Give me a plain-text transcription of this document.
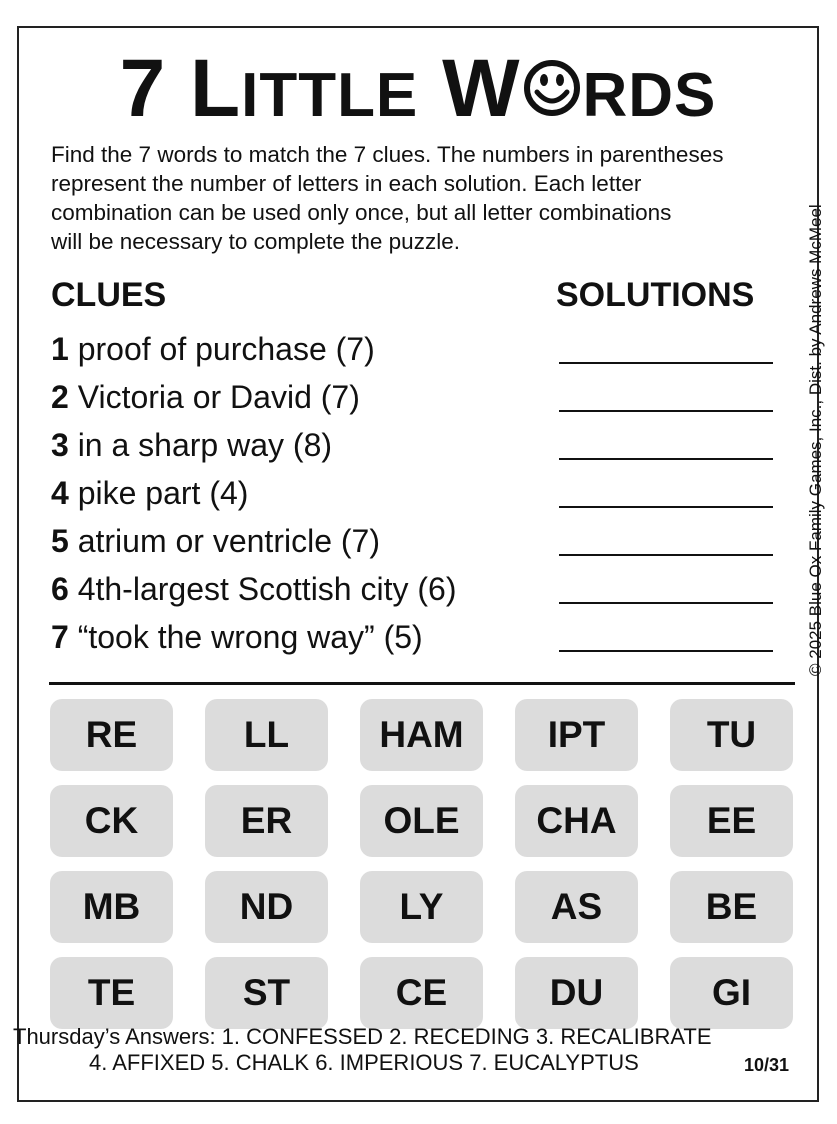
7 LITTLE W RDS
Find the 7 words to match the 7 clues. The numbers in parentheses
represent the number of letters in each solution. Each letter
combination can be used only once, but all letter combinations
will be necessary to complete the puzzle.
CLUES	SOLUTIONS
1 proof of purchase (7)
2 Victoria or David (7)
3 in a sharp way (8)
4 pike part (4)
5 atrium or ventricle (7)
6 4th-largest Scottish city (6)
7 “took the wrong way” (5)	© 2025 Blue Ox Family Games, Inc., Dist. by Andrews McMeel
RE	LL	HAM	IPT	TU
CK	ER	OLE	CHA	EE
MB	ND	LY	AS	BE
TE	ST	CE	DU	GI
Thursday’s Answers: 1. CONFESSED 2. RECEDING 3. RECALIBRATE
4. AFFIXED 5. CHALK 6. IMPERIOUS 7. EUCALYPTUS	10/31
